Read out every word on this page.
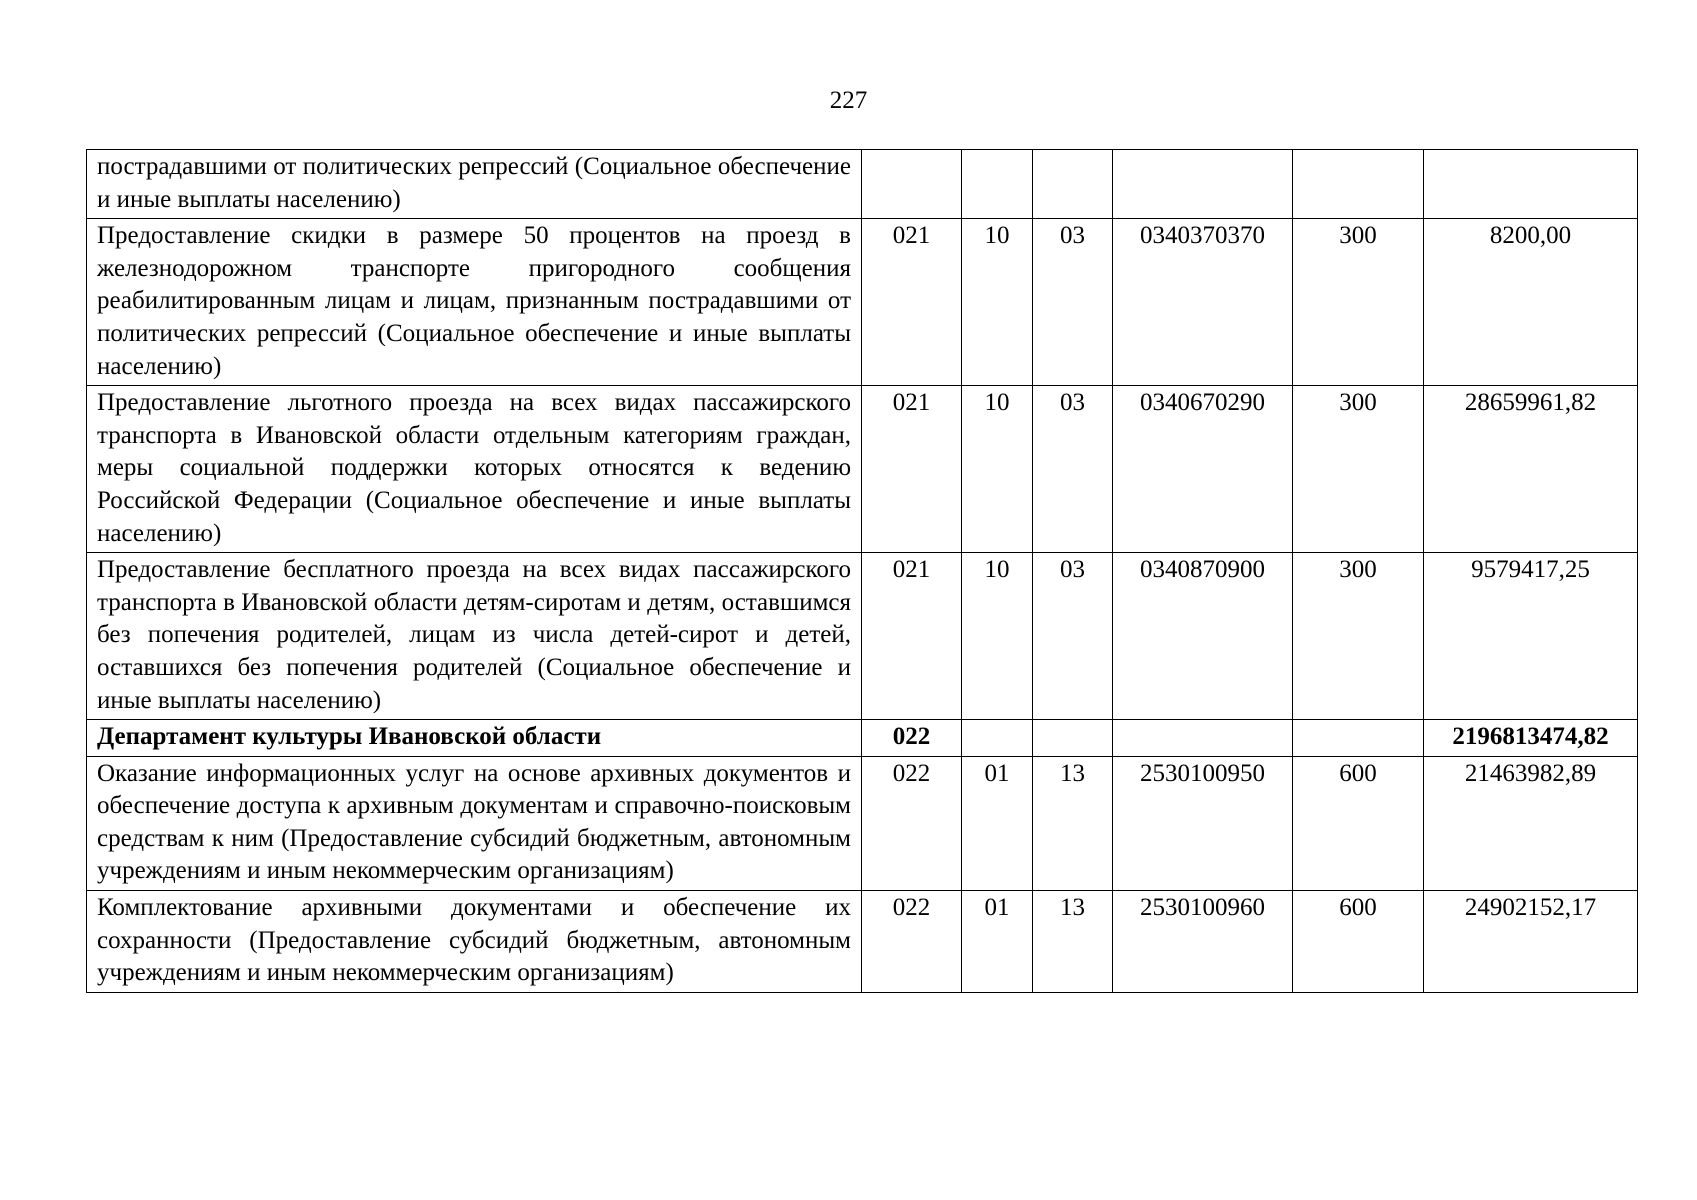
227
пострадавшими от политических репрессий (Социальное обеспечение и иные выплаты населению)						
Предоставление скидки в размере 50 процентов на проезд в железнодорожном транспорте пригородного сообщения реабилитированным лицам и лицам, признанным пострадавшими от политических репрессий (Социальное обеспечение и иные выплаты населению)	021	10	03	0340370370	300	8200,00
Предоставление льготного проезда на всех видах пассажирского транспорта в Ивановской области отдельным категориям граждан, меры социальной поддержки которых относятся к ведению Российской Федерации (Социальное обеспечение и иные выплаты населению)	021	10	03	0340670290	300	28659961,82
Предоставление бесплатного проезда на всех видах пассажирского транспорта в Ивановской области детям-сиротам и детям, оставшимся без попечения родителей, лицам из числа детей-сирот и детей, оставшихся без попечения родителей (Социальное обеспечение и иные выплаты населению)	021	10	03	0340870900	300	9579417,25
Департамент культуры Ивановской области	022					2196813474,82
Оказание информационных услуг на основе архивных документов и обеспечение доступа к архивным документам и справочно-поисковым средствам к ним (Предоставление субсидий бюджетным, автономным учреждениям и иным некоммерческим организациям)	022	01	13	2530100950	600	21463982,89
Комплектование архивными документами и обеспечение их сохранности (Предоставление субсидий бюджетным, автономным учреждениям и иным некоммерческим организациям)	022	01	13	2530100960	600	24902152,17
